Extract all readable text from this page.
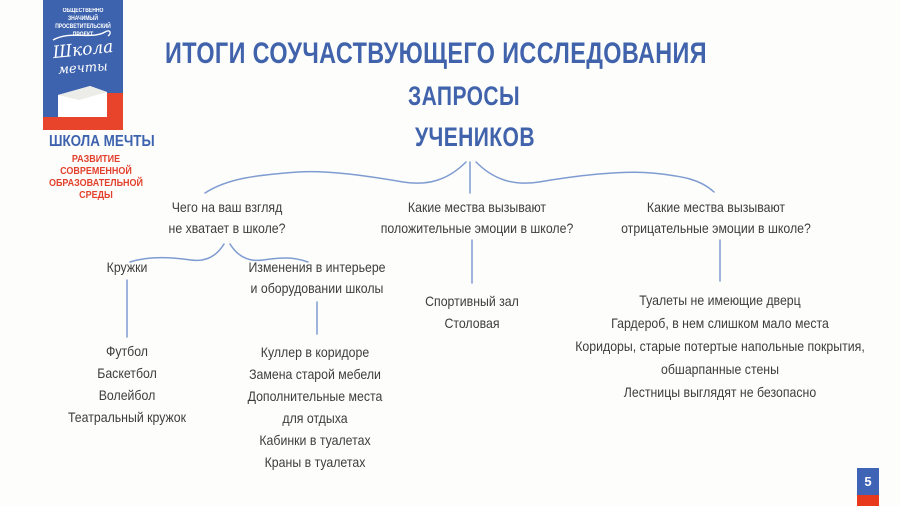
ОБЩЕСТВЕННО ЗНАЧИМЫЙ
ПРОСВЕТИТЕЛЬСКИЙ ПРОЕКТ
Школа
мечты
ШКОЛА МЕЧТЫ
РАЗВИТИЕ СОВРЕМЕННОЙ
ОБРАЗОВАТЕЛЬНОЙ СРЕДЫ
ИТОГИ СОУЧАСТВУЮЩЕГО ИССЛЕДОВАНИЯ
ЗАПРОСЫ
УЧЕНИКОВ
Чего на ваш взгляд
не хватает в школе?
Какие мества вызывают
положительные эмоции в школе?
Какие мества вызывают
отрицательные эмоции в школе?
Кружки	Изменения в интерьере
и оборудовании школы
Футбол
Баскетбол
Волейбол
Театральный кружок
Куллер в коридоре
Замена старой мебели
Дополнительные места
для отдыха
Кабинки в туалетах
Краны в туалетах
Спортивный зал
Столовая
Туалеты не имеющие дверц
Гардероб, в нем слишком мало места
Коридоры, старые потертые напольные покрытия,
обшарпанные стены
Лестницы выглядят не безопасно
5
